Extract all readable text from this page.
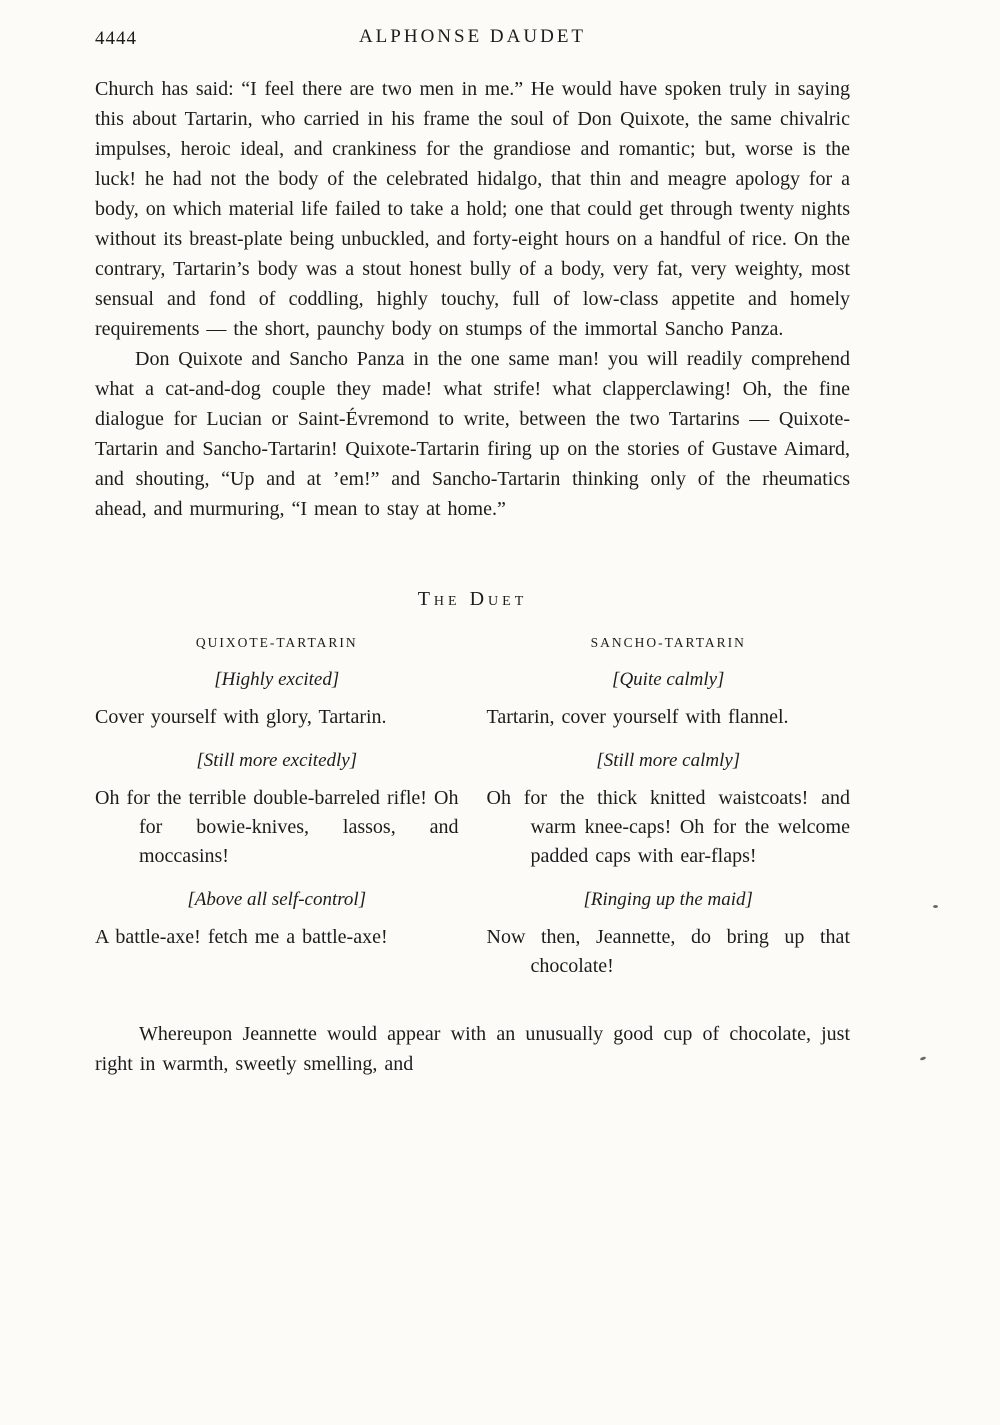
4444	ALPHONSE DAUDET

Church has said: “I feel there are two men in me.” He would have spoken truly in saying this about Tartarin, who carried in his frame the soul of Don Quixote, the same chivalric impulses, heroic ideal, and crankiness for the grandiose and romantic; but, worse is the luck! he had not the body of the celebrated hidalgo, that thin and meagre apology for a body, on which material life failed to take a hold; one that could get through twenty nights without its breast-plate being unbuckled, and forty-eight hours on a handful of rice. On the contrary, Tartarin’s body was a stout honest bully of a body, very fat, very weighty, most sensual and fond of coddling, highly touchy, full of low-class appetite and homely requirements — the short, paunchy body on stumps of the immortal Sancho Panza.

Don Quixote and Sancho Panza in the one same man! you will readily comprehend what a cat-and-dog couple they made! what strife! what clapperclawing! Oh, the fine dialogue for Lucian or Saint-Évremond to write, between the two Tartarins — Quixote-Tartarin and Sancho-Tartarin! Quixote-Tartarin firing up on the stories of Gustave Aimard, and shouting, “Up and at ’em!” and Sancho-Tartarin thinking only of the rheumatics ahead, and murmuring, “I mean to stay at home.”

The Duet
QUIXOTE-TARTARIN
[Highly excited]

Cover yourself with glory, Tartarin.

[Still more excitedly]

Oh for the terrible double-barreled rifle! Oh for bowie-knives, lassos, and moccasins!

[Above all self-control]

A battle-axe! fetch me a battle-axe!

SANCHO-TARTARIN
[Quite calmly]

Tartarin, cover yourself with flannel.

[Still more calmly]

Oh for the thick knitted waistcoats! and warm knee-caps! Oh for the welcome padded caps with ear-flaps!

[Ringing up the maid]

Now then, Jeannette, do bring up that chocolate!

Whereupon Jeannette would appear with an unusually good cup of chocolate, just right in warmth, sweetly smelling, and
